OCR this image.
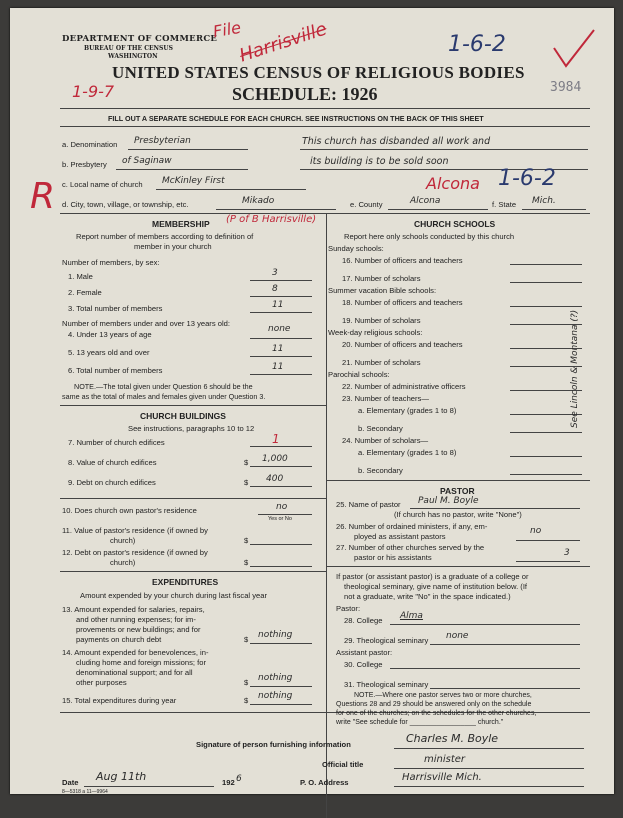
DEPARTMENT OF COMMERCE
BUREAU OF THE CENSUS
WASHINGTON
File
Harrisville	1-6-2
1-9-7
UNITED STATES CENSUS OF RELIGIOUS BODIES
SCHEDULE: 1926	3984
FILL OUT A SEPARATE SCHEDULE FOR EACH CHURCH. SEE INSTRUCTIONS ON THE BACK OF THIS SHEET
R
a. Denomination Presbyterian	This church has disbanded all work and
b. Presbytery of Saginaw	its building is to be sold soon
c. Local name of church McKinley First	Alcona 1-6-2
d. City, town, village, or township, etc.	Mikado	e. County	Alcona	f. State Mich.
MEMBERSHIP (P of B Harrisville)
Report number of members according to definition of
member in your church
Number of members, by sex:
1. Male	3
2. Female	8
3. Total number of members	11
Number of members under and over 13 years old:
4. Under 13 years of age
none
5. 13 years old and over	11
6. Total number of members	11
NOTE.—The total given under Question 6 should be the
same as the total of males and females given under Question 3.
CHURCH BUILDINGS
See instructions, paragraphs 10 to 12
7. Number of church edifices	1
8. Value of church edifices	$ 1,000
9. Debt on church edifices	$ 400
10. Does church own pastor's residence	no
Yes or No
11. Value of pastor's residence (if owned by
church)	$
12. Debt on pastor's residence (if owned by
church)	$
EXPENDITURES
Amount expended by your church during last fiscal year
13. Amount expended for salaries, repairs,
and other running expenses; for im-
provements or new buildings; and for
payments on church debt	$ nothing
14. Amount expended for benevolences, in-
cluding home and foreign missions; for
denominational support; and for all
other purposes	$ nothing
15. Total expenditures during year	$ nothing
CHURCH SCHOOLS
Report here only schools conducted by this church
Sunday schools:
16. Number of officers and teachers
17. Number of scholars
Summer vacation Bible schools:
18. Number of officers and teachers
19. Number of scholars
Week-day religious schools:
20. Number of officers and teachers
21. Number of scholars
Parochial schools:
22. Number of administrative officers
23. Number of teachers—
a. Elementary (grades 1 to 8)
b. Secondary
24. Number of scholars—
a. Elementary (grades 1 to 8)
b. Secondary
PASTOR
25. Name of pastor Paul M. Boyle
(If church has no pastor, write "None")
26. Number of ordained ministers, if any, em-
ployed as assistant pastors
no
27. Number of other churches served by the
pastor or his assistants	3
If pastor (or assistant pastor) is a graduate of a college or
theological seminary, give name of institution below. (If
not a graduate, write "No" in the space indicated.)
Pastor:
28. College Alma
29. Theological seminary none
Assistant pastor:
30. College
31. Theological seminary
NOTE.—Where one pastor serves two or more churches,
Questions 28 and 29 should be answered only on the schedule
for one of the churches; on the schedules for the other churches,
write "See schedule for _________________ church."
See Lincoln & Montana (?)
Signature of person furnishing information	Charles M. Boyle
Official title	minister
Date Aug 11th	192 6	P. O. Address	Harrisville Mich.
8—5318 a 11—9964
